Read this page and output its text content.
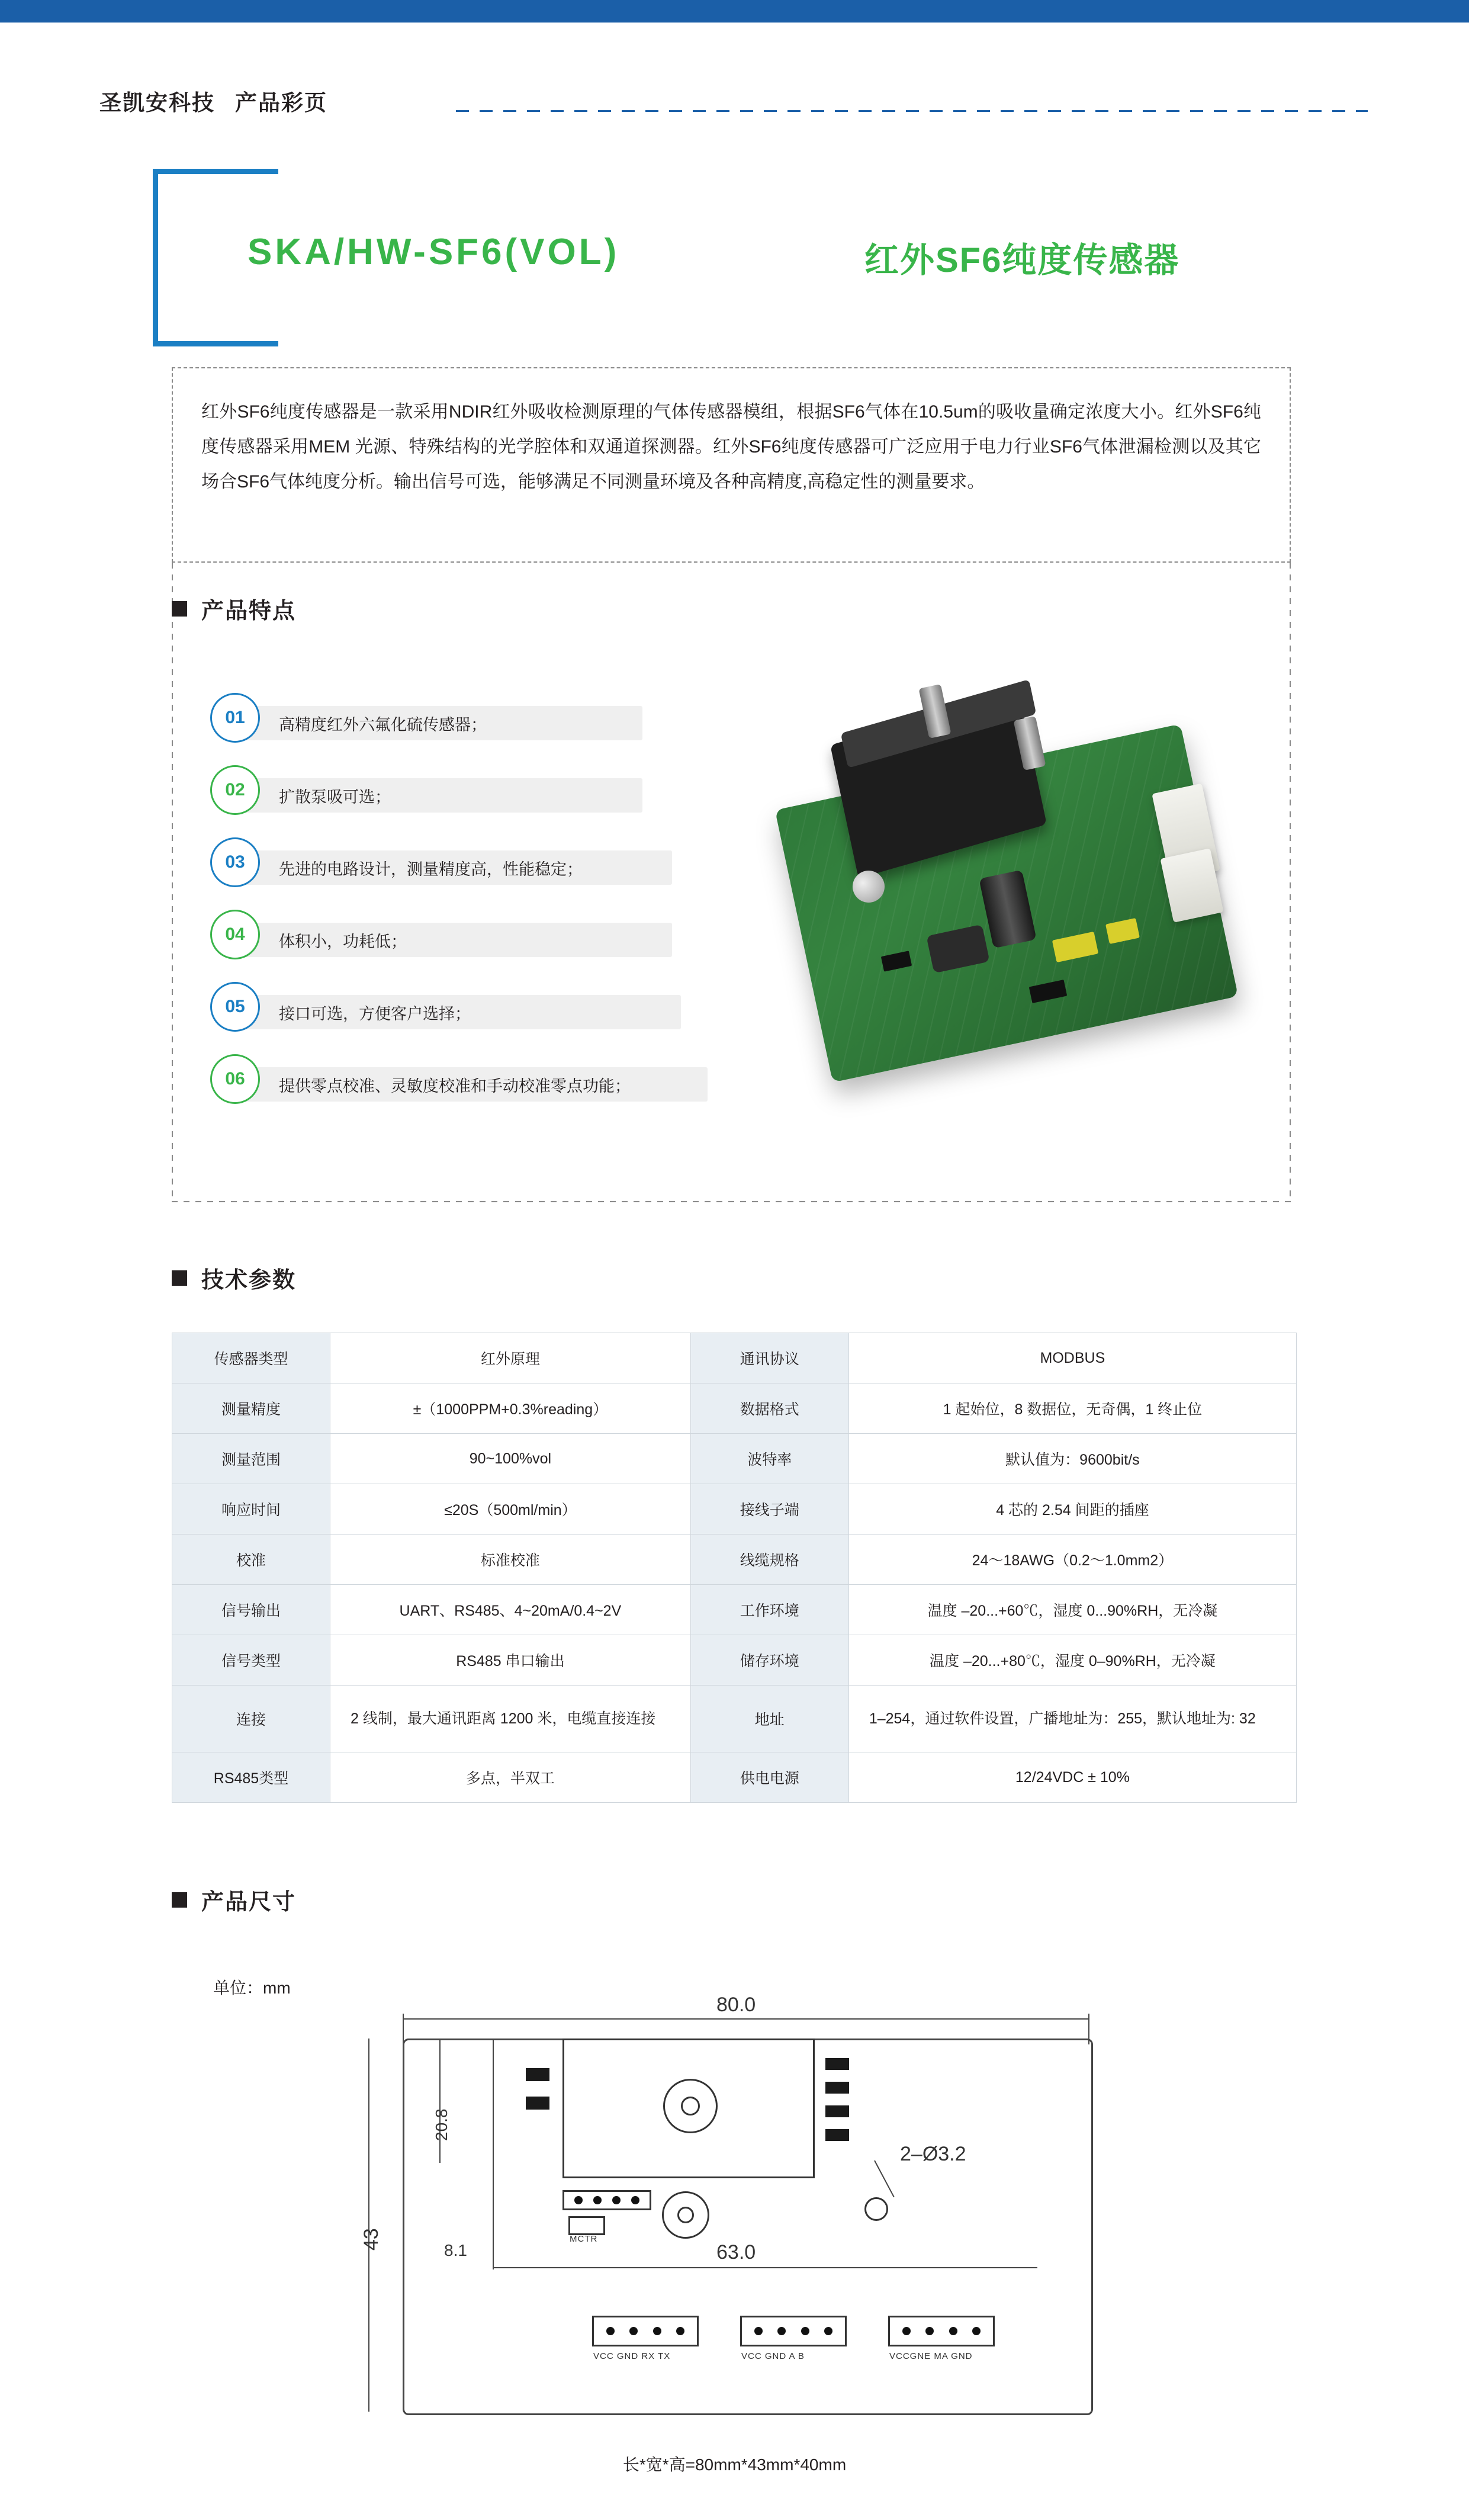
圣凯安科技 产品彩页
SKA/HW-SF6(VOL)	红外SF6纯度传感器

红外SF6纯度传感器是一款采用NDIR红外吸收检测原理的气体传感器模组，根据SF6气体在10.5um的吸收量确定浓度大小。红外SF6纯度传感器采用MEM 光源、特殊结构的光学腔体和双通道探测器。红外SF6纯度传感器可广泛应用于电力行业SF6气体泄漏检测以及其它场合SF6气体纯度分析。输出信号可选，能够满足不同测量环境及各种高精度,高稳定性的测量要求。

产品特点
01	高精度红外六氟化硫传感器；
02	扩散泵吸可选；
03	先进的电路设计，测量精度高，性能稳定；
04	体积小，功耗低；
05	接口可选，方便客户选择；
06	提供零点校准、灵敏度校准和手动校准零点功能；
技术参数
传感器类型	红外原理	通讯协议	MODBUS
测量精度	±（1000PPM+0.3%reading）	数据格式	1 起始位，8 数据位，无奇偶，1 终止位
测量范围	90~100%vol	波特率	默认值为：9600bit/s
响应时间	≤20S（500ml/min）	接线子端	4 芯的 2.54 间距的插座
校准	标准校准	线缆规格	24～18AWG（0.2～1.0mm2）
信号输出	UART、RS485、4~20mA/0.4~2V	工作环境	温度 –20...+60℃，湿度 0...90%RH，无冷凝
信号类型	RS485 串口输出	储存环境	温度 –20...+80℃，湿度 0–90%RH，无冷凝
连接	2 线制，最大通讯距离 1200 米，电缆直接连接	地址	1–254，通过软件设置，广播地址为：255，默认地址为: 32
RS485类型	多点，半双工	供电电源	12/24VDC ± 10%
产品尺寸
单位：mm
80.0
43
20.8
MCTR
2–Ø3.2
63.0
8.1
VCC GND RX TX	VCC GND A B	VCCGNE MA GND
长*宽*高=80mm*43mm*40mm
